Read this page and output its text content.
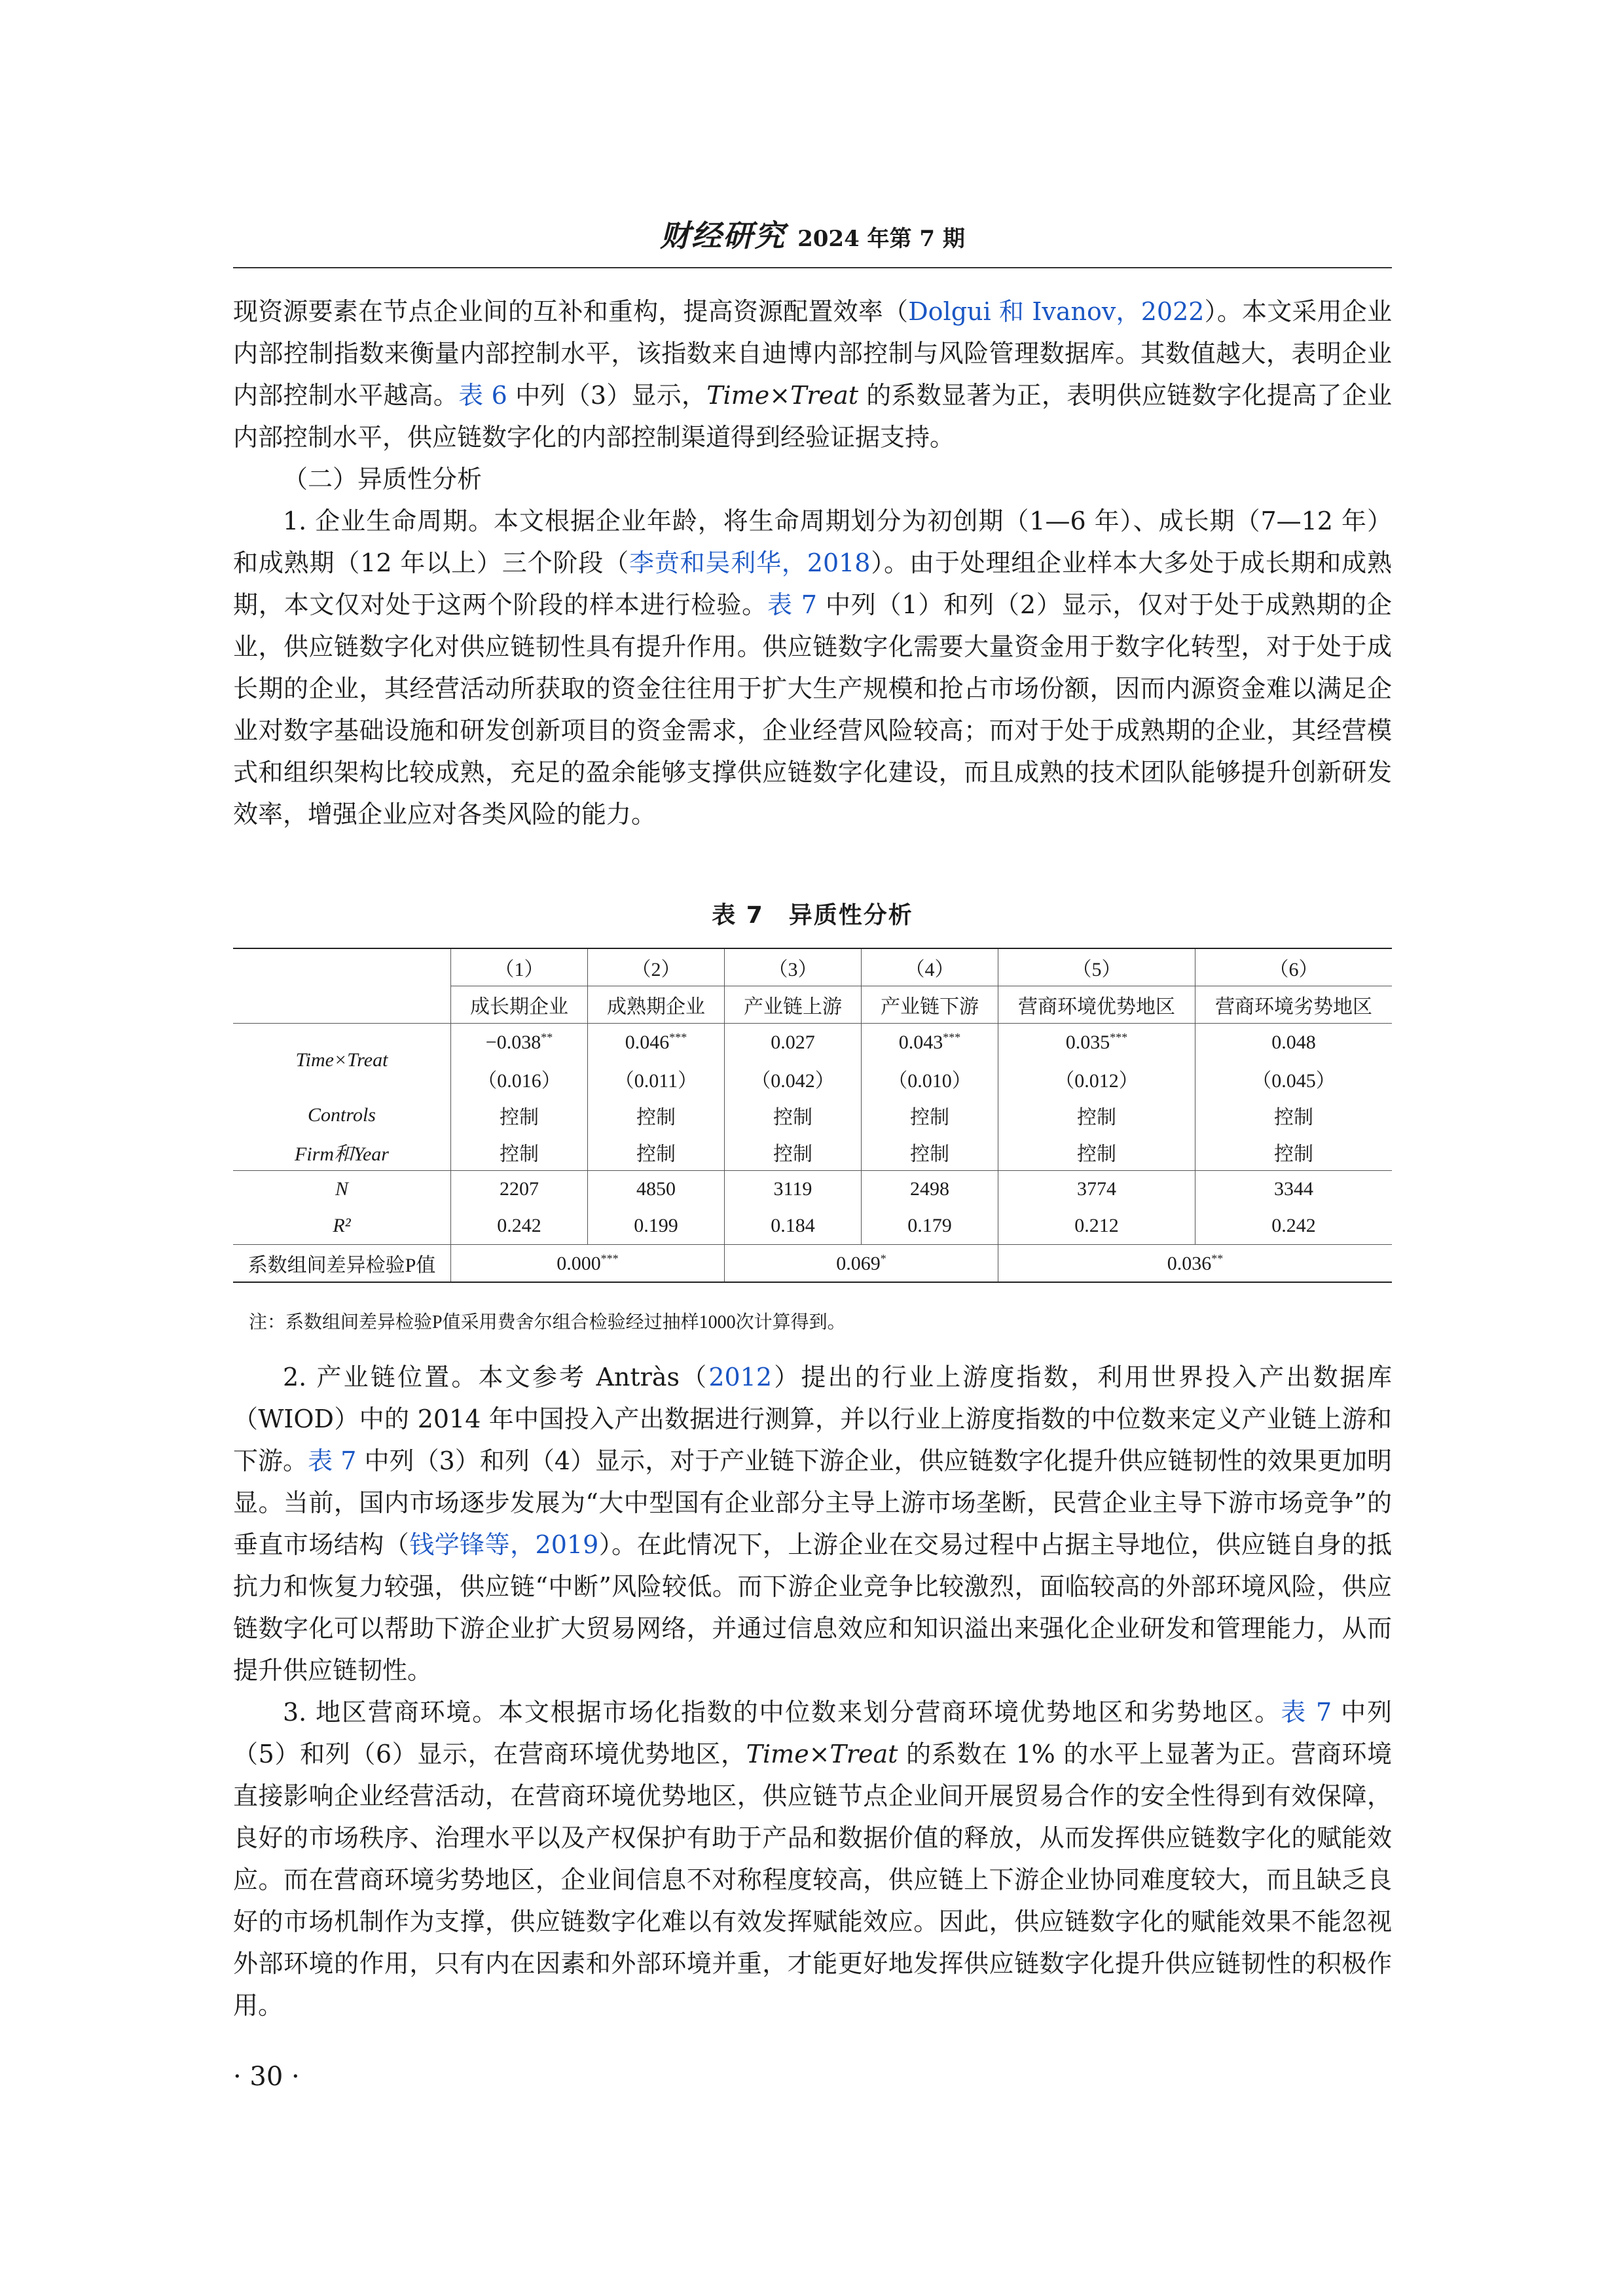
财经研究 2024 年第 7 期

现资源要素在节点企业间的互补和重构，提高资源配置效率（Dolgui 和 Ivanov，2022）。本文采用企业内部控制指数来衡量内部控制水平，该指数来自迪博内部控制与风险管理数据库。其数值越大，表明企业内部控制水平越高。表 6 中列（3）显示，Time×Treat 的系数显著为正，表明供应链数字化提高了企业内部控制水平，供应链数字化的内部控制渠道得到经验证据支持。

（二）异质性分析

1. 企业生命周期。本文根据企业年龄，将生命周期划分为初创期（1—6 年）、成长期（7—12 年）和成熟期（12 年以上）三个阶段（李贲和吴利华，2018）。由于处理组企业样本大多处于成长期和成熟期，本文仅对处于这两个阶段的样本进行检验。表 7 中列（1）和列（2）显示，仅对于处于成熟期的企业，供应链数字化对供应链韧性具有提升作用。供应链数字化需要大量资金用于数字化转型，对于处于成长期的企业，其经营活动所获取的资金往往用于扩大生产规模和抢占市场份额，因而内源资金难以满足企业对数字基础设施和研发创新项目的资金需求，企业经营风险较高；而对于处于成熟期的企业，其经营模式和组织架构比较成熟，充足的盈余能够支撑供应链数字化建设，而且成熟的技术团队能够提升创新研发效率，增强企业应对各类风险的能力。

表 7　异质性分析
	（1）	（2）	（3）	（4）	（5）	（6）
	成长期企业	成熟期企业	产业链上游	产业链下游	营商环境优势地区	营商环境劣势地区
Time×Treat	−0.038**	0.046***	0.027	0.043***	0.035***	0.048
	（0.016）	（0.011）	（0.042）	（0.010）	（0.012）	（0.045）
Controls	控制	控制	控制	控制	控制	控制
Firm和Year	控制	控制	控制	控制	控制	控制
N	2207	4850	3119	2498	3774	3344
R²	0.242	0.199	0.184	0.179	0.212	0.242
系数组间差异检验P值	0.000***		0.069*		0.036**
注：系数组间差异检验P值采用费舍尔组合检验经过抽样1000次计算得到。

2. 产业链位置。本文参考 Antràs（2012）提出的行业上游度指数，利用世界投入产出数据库（WIOD）中的 2014 年中国投入产出数据进行测算，并以行业上游度指数的中位数来定义产业链上游和下游。表 7 中列（3）和列（4）显示，对于产业链下游企业，供应链数字化提升供应链韧性的效果更加明显。当前，国内市场逐步发展为“大中型国有企业部分主导上游市场垄断，民营企业主导下游市场竞争”的垂直市场结构（钱学锋等，2019）。在此情况下，上游企业在交易过程中占据主导地位，供应链自身的抵抗力和恢复力较强，供应链“中断”风险较低。而下游企业竞争比较激烈，面临较高的外部环境风险，供应链数字化可以帮助下游企业扩大贸易网络，并通过信息效应和知识溢出来强化企业研发和管理能力，从而提升供应链韧性。

3. 地区营商环境。本文根据市场化指数的中位数来划分营商环境优势地区和劣势地区。表 7 中列（5）和列（6）显示，在营商环境优势地区，Time×Treat 的系数在 1% 的水平上显著为正。营商环境直接影响企业经营活动，在营商环境优势地区，供应链节点企业间开展贸易合作的安全性得到有效保障，良好的市场秩序、治理水平以及产权保护有助于产品和数据价值的释放，从而发挥供应链数字化的赋能效应。而在营商环境劣势地区，企业间信息不对称程度较高，供应链上下游企业协同难度较大，而且缺乏良好的市场机制作为支撑，供应链数字化难以有效发挥赋能效应。因此，供应链数字化的赋能效果不能忽视外部环境的作用，只有内在因素和外部环境并重，才能更好地发挥供应链数字化提升供应链韧性的积极作用。

· 30 ·
